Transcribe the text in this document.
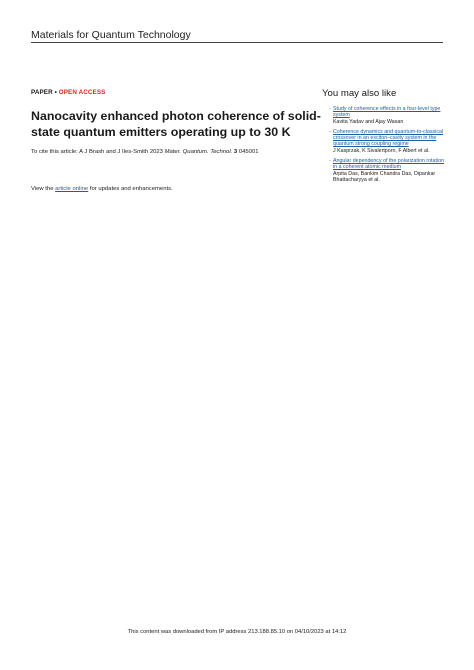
Materials for Quantum Technology
PAPER • OPEN ACCESS
Nanocavity enhanced photon coherence of solid-state quantum emitters operating up to 30 K
To cite this article: A J Brash and J Iles-Smith 2023 Mater. Quantum. Technol. 3 045001
View the article online for updates and enhancements.
You may also like
- Study of coherence effects in a four-level type system
Kavita Yadav and Ajay Wasan
- Coherence dynamics and quantum-to-classical crossover in an exciton–cavity system in the quantum strong coupling regime
J Kasprzak, K Sivalertporn, F Albert et al.
- Angular dependency of the polarization rotation in a coherent atomic medium
Arpita Das, Bankim Chandra Das, Dipankar Bhattacharyya et al.
This content was downloaded from IP address 213.188.85.10 on 04/10/2023 at 14:12
